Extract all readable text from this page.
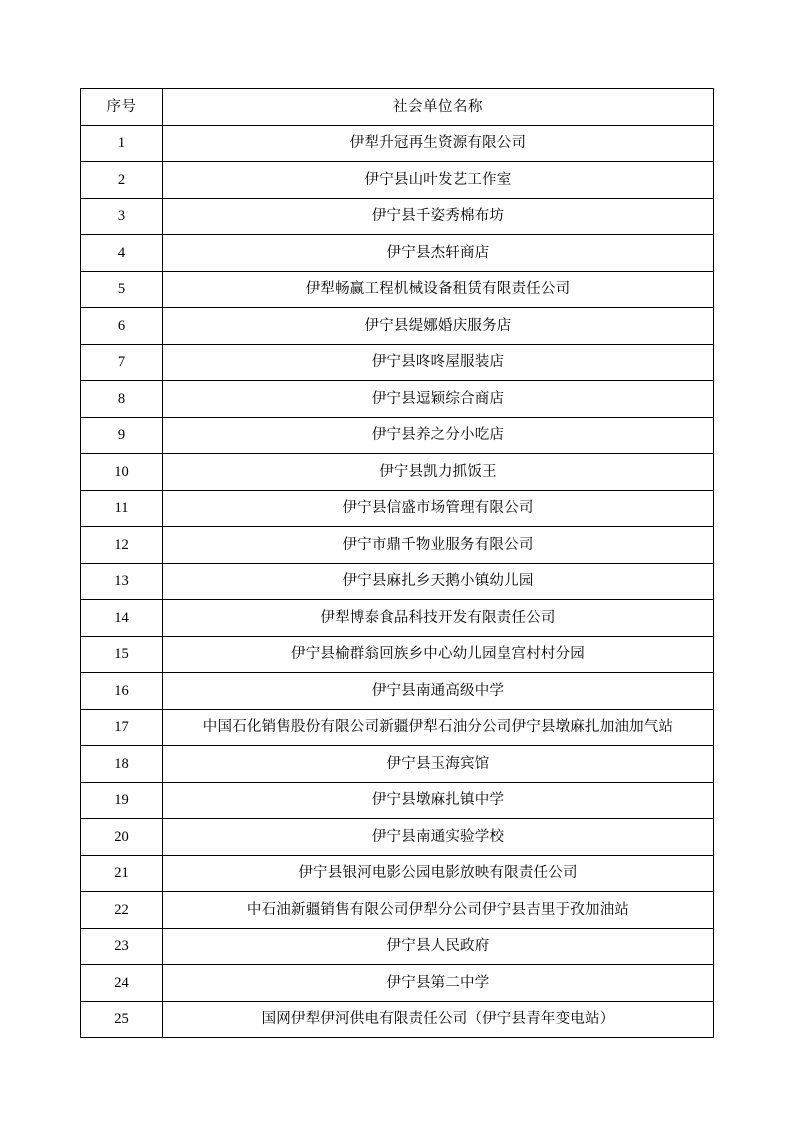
序号	社会单位名称
1	伊犁升冠再生资源有限公司
2	伊宁县山叶发艺工作室
3	伊宁县千姿秀棉布坊
4	伊宁县杰轩商店
5	伊犁畅赢工程机械设备租赁有限责任公司
6	伊宁县缇娜婚庆服务店
7	伊宁县咚咚屋服装店
8	伊宁县逗颖综合商店
9	伊宁县养之分小吃店
10	伊宁县凯力抓饭王
11	伊宁县信盛市场管理有限公司
12	伊宁市鼎千物业服务有限公司
13	伊宁县麻扎乡天鹅小镇幼儿园
14	伊犁博泰食品科技开发有限责任公司
15	伊宁县榆群翁回族乡中心幼儿园皇宫村村分园
16	伊宁县南通高级中学
17	中国石化销售股份有限公司新疆伊犁石油分公司伊宁县墩麻扎加油加气站
18	伊宁县玉海宾馆
19	伊宁县墩麻扎镇中学
20	伊宁县南通实验学校
21	伊宁县银河电影公园电影放映有限责任公司
22	中石油新疆销售有限公司伊犁分公司伊宁县吉里于孜加油站
23	伊宁县人民政府
24	伊宁县第二中学
25	国网伊犁伊河供电有限责任公司（伊宁县青年变电站）
